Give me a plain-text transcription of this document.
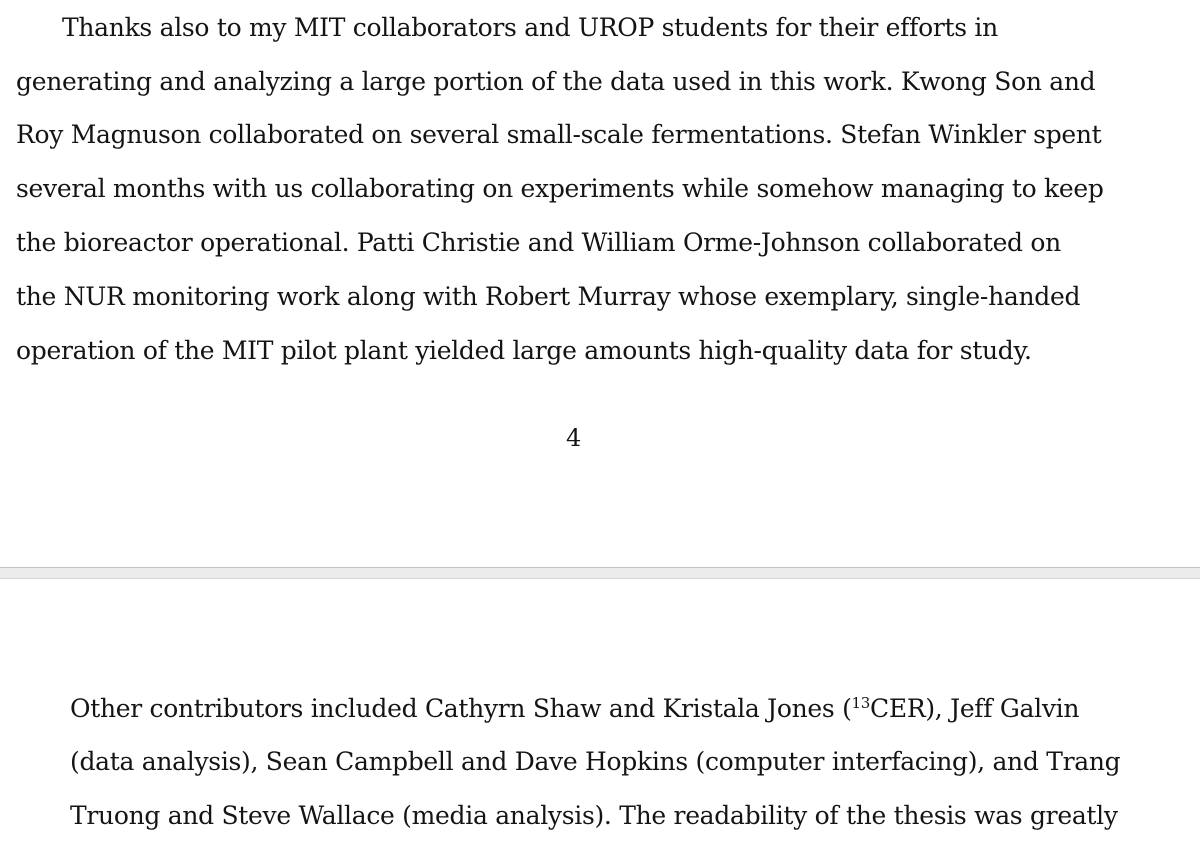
Thanks also to my MIT collaborators and UROP students for their efforts in
generating and analyzing a large portion of the data used in this work. Kwong Son and
Roy Magnuson collaborated on several small-scale fermentations. Stefan Winkler spent
several months with us collaborating on experiments while somehow managing to keep
the bioreactor operational. Patti Christie and William Orme-Johnson collaborated on
the NUR monitoring work along with Robert Murray whose exemplary, single-handed
operation of the MIT pilot plant yielded large amounts high-quality data for study.
4
Other contributors included Cathyrn Shaw and Kristala Jones ($^{13}$CER), Jeff Galvin
(data analysis), Sean Campbell and Dave Hopkins (computer interfacing), and Trang
Truong and Steve Wallace (media analysis). The readability of the thesis was greatly
